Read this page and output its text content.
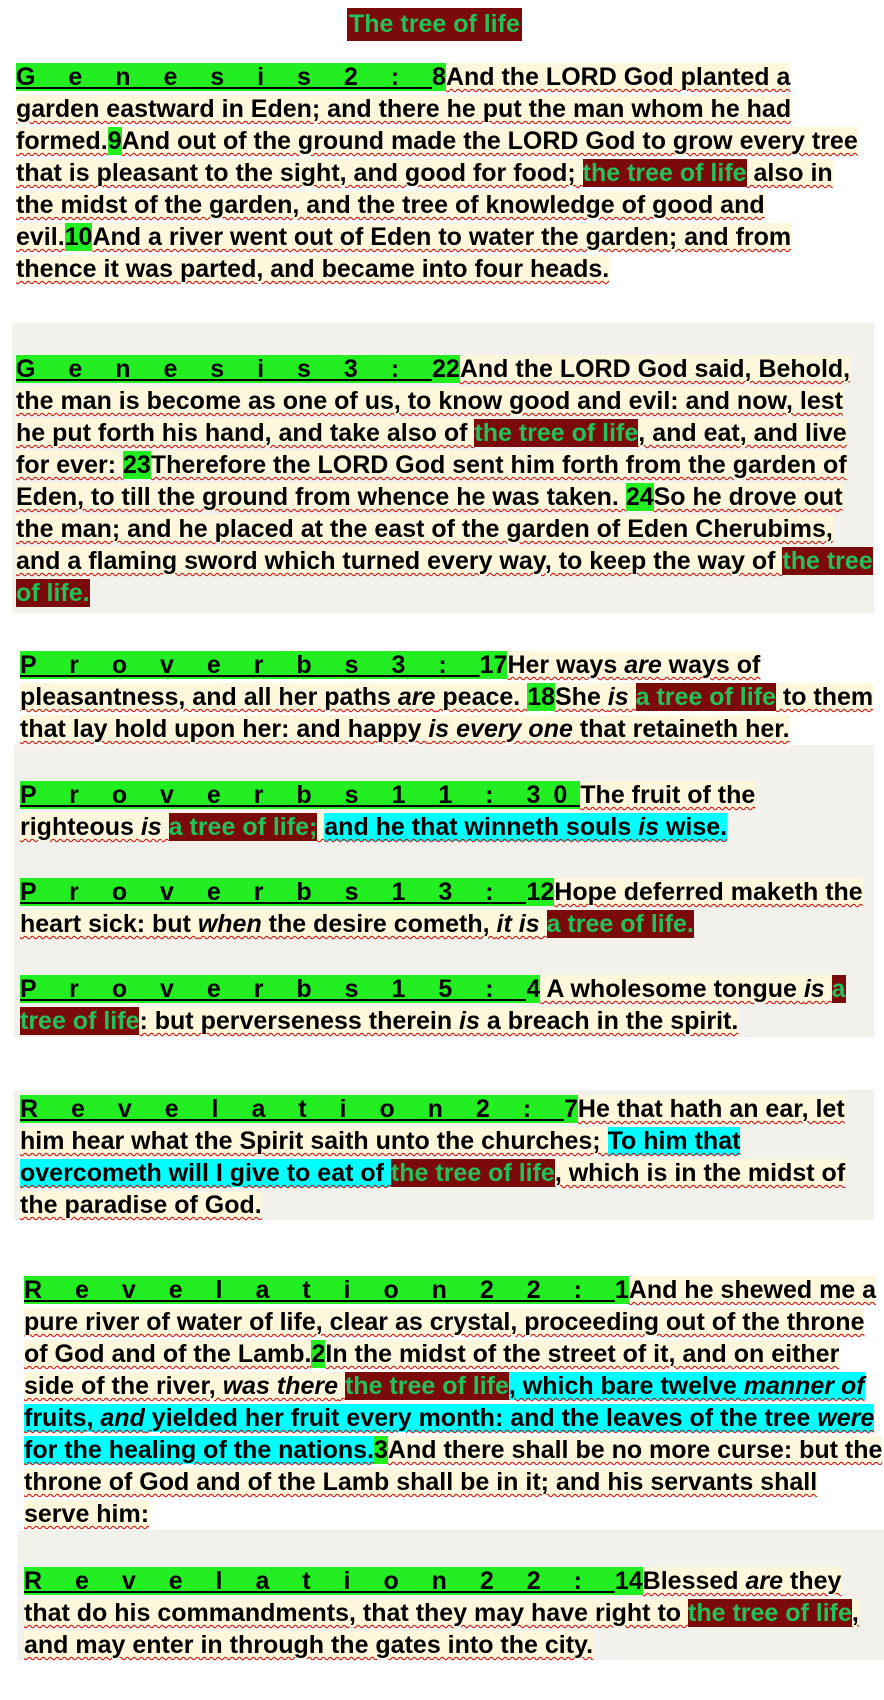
The tree of life
G e n e s i s 2 : 8And the LORD God planted a garden eastward in Eden; and there he put the man whom he had formed.9And out of the ground made the LORD God to grow every tree that is pleasant to the sight, and good for food; the tree of life also in the midst of the garden, and the tree of knowledge of good and evil.10And a river went out of Eden to water the garden; and from thence it was parted, and became into four heads.
G e n e s i s 3 : 22And the LORD God said, Behold, the man is become as one of us, to know good and evil: and now, lest he put forth his hand, and take also of the tree of life, and eat, and live for ever: 23Therefore the LORD God sent him forth from the garden of Eden, to till the ground from whence he was taken. 24So he drove out the man; and he placed at the east of the garden of Eden Cherubims, and a flaming sword which turned every way, to keep the way of the tree of life.
P r o v e r b s 3 : 17Her ways are ways of pleasantness, and all her paths are peace. 18She is a tree of life to them that lay hold upon her: and happy is every one that retaineth her.
P r o v e r b s 1 1 : 30The fruit of the righteous is a tree of life; and he that winneth souls is wise.
P r o v e r b s 1 3 : 12Hope deferred maketh the heart sick: but when the desire cometh, it is a tree of life.
P r o v e r b s 1 5 : 4 A wholesome tongue is a tree of life: but perverseness therein is a breach in the spirit.
R e v e l a t i o n 2 : 7He that hath an ear, let him hear what the Spirit saith unto the churches; To him that overcometh will I give to eat of the tree of life, which is in the midst of the paradise of God.
R e v e l a t i o n 2 2 : 1And he shewed me a pure river of water of life, clear as crystal, proceeding out of the throne of God and of the Lamb.2In the midst of the street of it, and on either side of the river, was there the tree of life, which bare twelve manner of fruits, and yielded her fruit every month: and the leaves of the tree were for the healing of the nations.3And there shall be no more curse: but the throne of God and of the Lamb shall be in it; and his servants shall serve him:
R e v e l a t i o n 2 2 : 14Blessed are they that do his commandments, that they may have right to the tree of life, and may enter in through the gates into the city.
